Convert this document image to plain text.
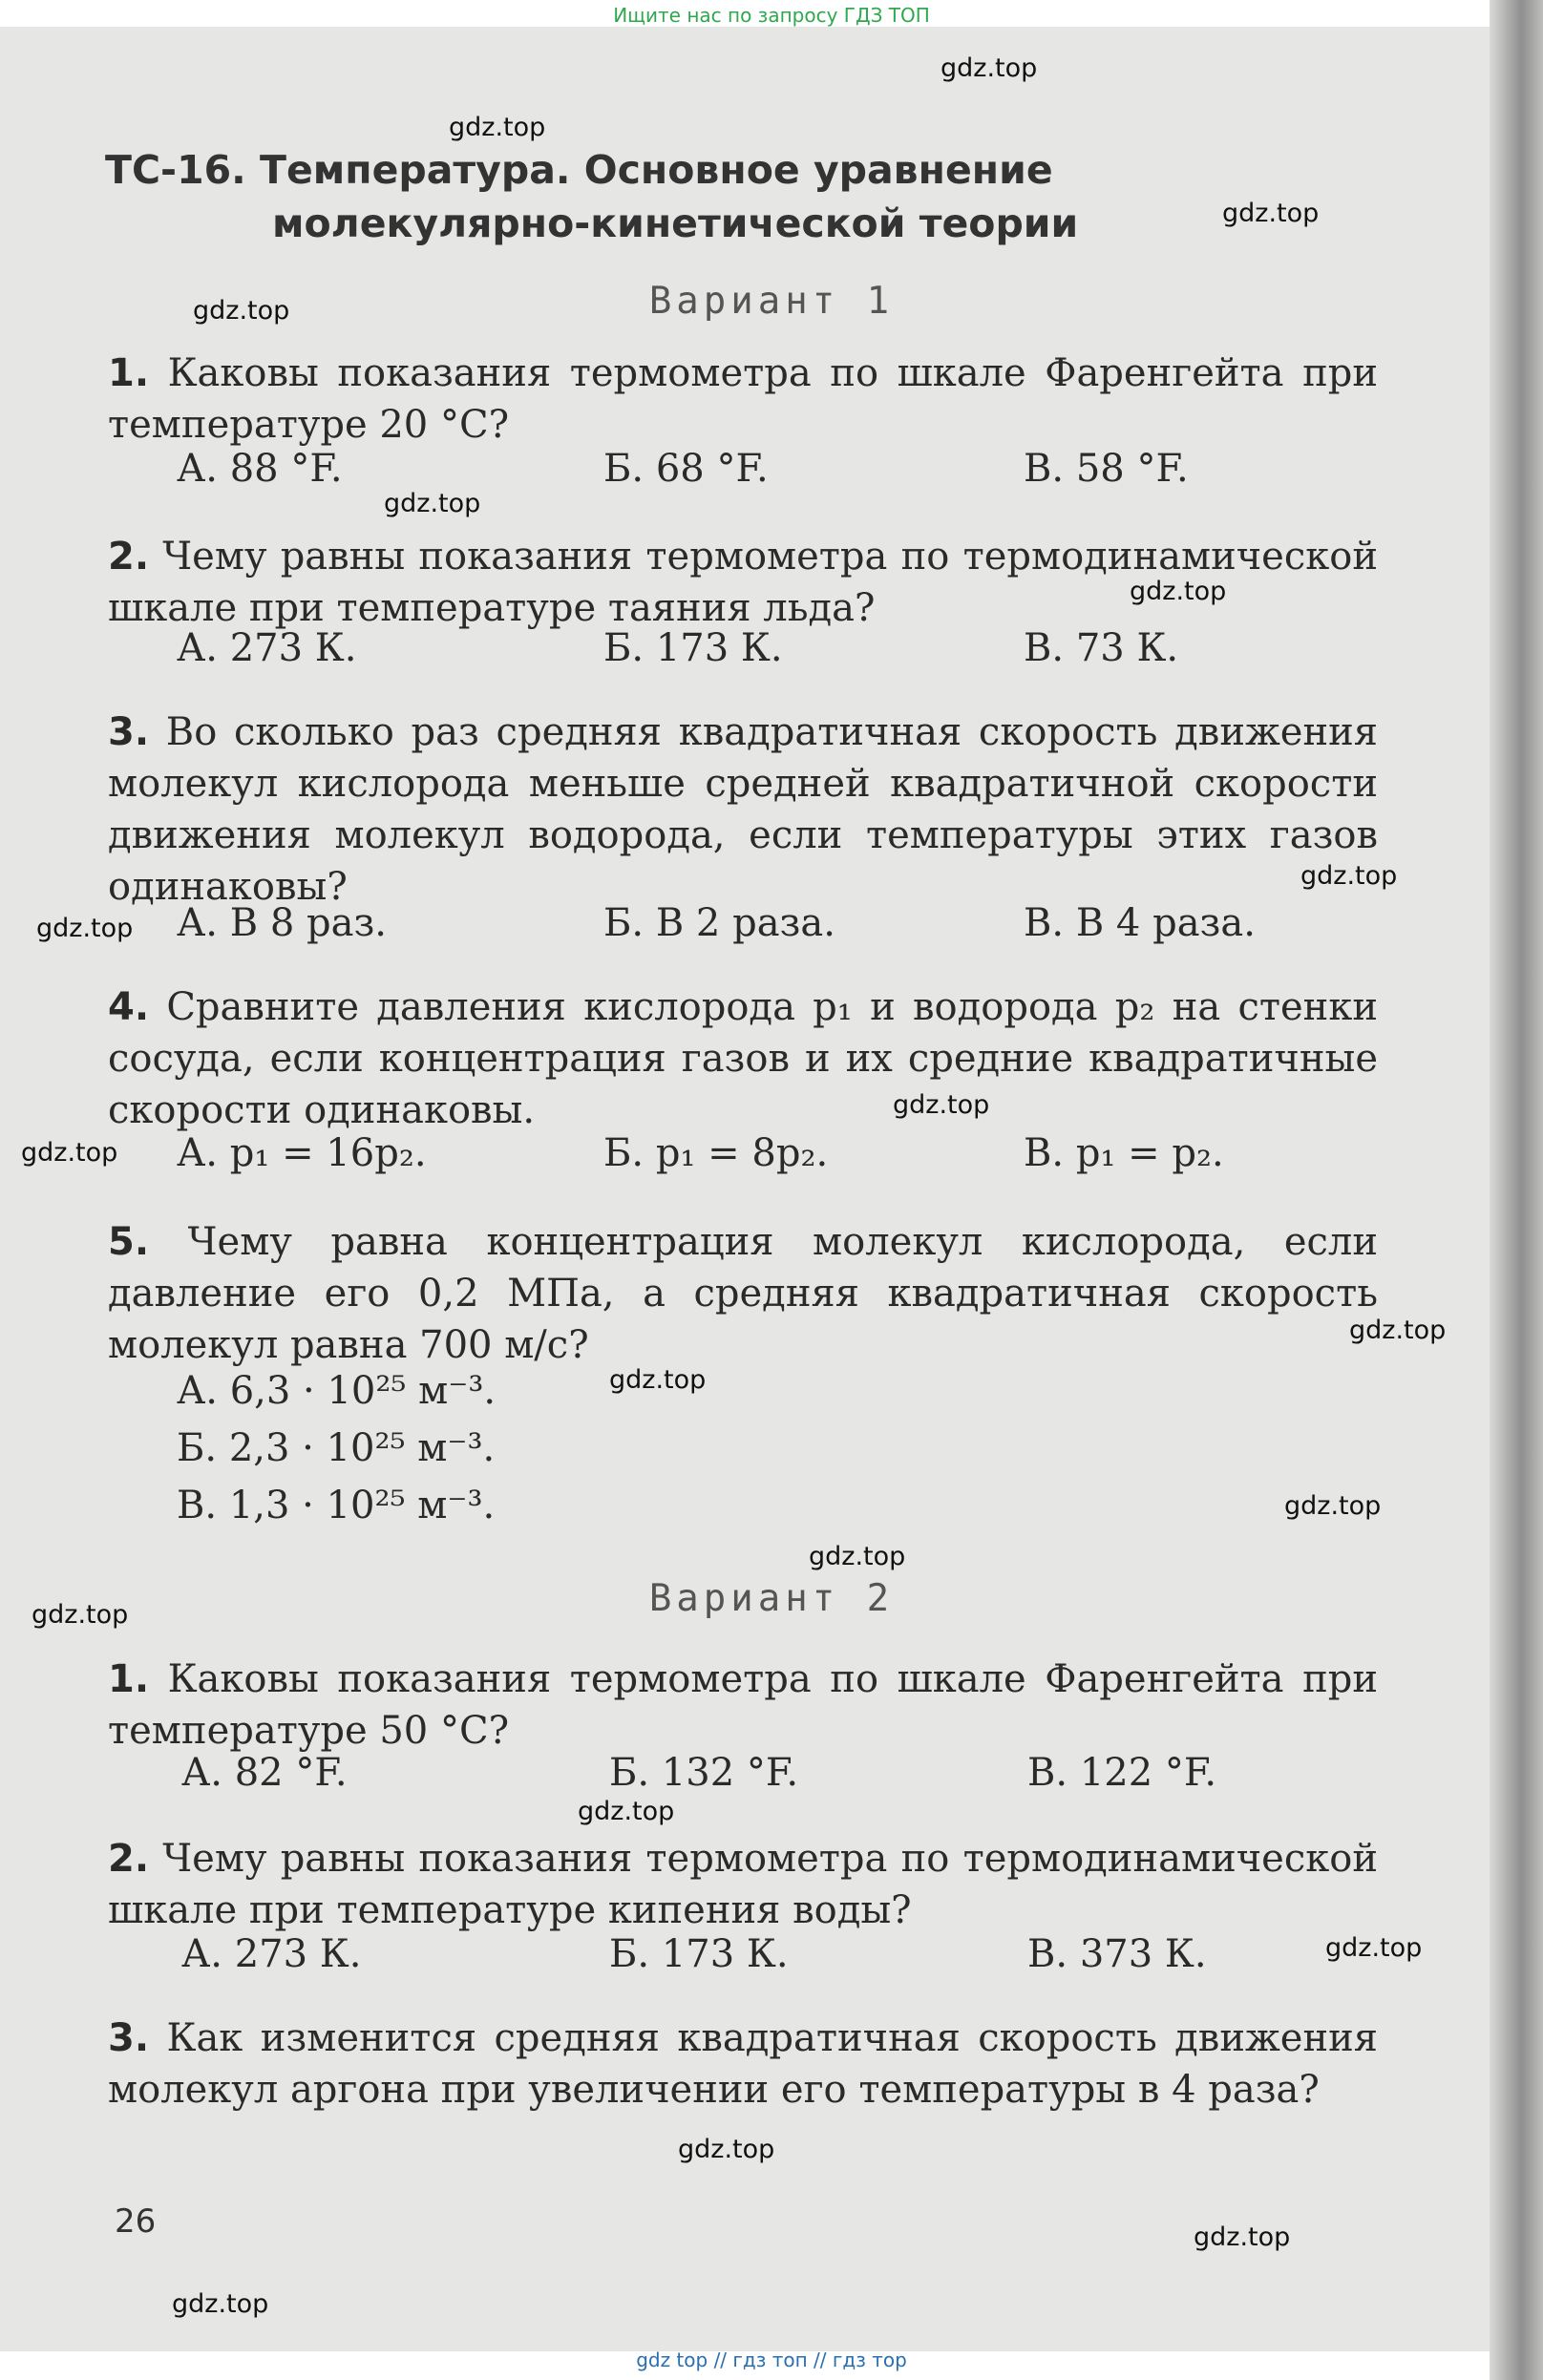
Ищите нас по запросу ГДЗ ТОП
gdz.top
gdz.top
gdz.top
gdz.top
gdz.top
gdz.top
gdz.top
gdz.top
gdz.top
gdz.top
gdz.top
gdz.top
gdz.top
gdz.top
gdz.top
gdz.top
gdz.top
gdz.top
gdz.top
gdz.top
ТС-16. Температура. Основное уравнение
молекулярно-кинетической теории
Вариант 1
1. Каковы показания термометра по шкале Фаренгейта при температуре 20 °С?
А. 88 °F.	Б. 68 °F.	В. 58 °F.
2. Чему равны показания термометра по термодинамической шкале при температуре таяния льда?
А. 273 К.	Б. 173 К.	В. 73 К.
3. Во сколько раз средняя квадратичная скорость движения молекул кислорода меньше средней квадратичной скорости движения молекул водорода, если температуры этих газов одинаковы?
А. В 8 раз.	Б. В 2 раза.	В. В 4 раза.
4. Сравните давления кислорода p₁ и водорода p₂ на стенки сосуда, если концентрация газов и их средние квадратичные скорости одинаковы.
А. p₁ = 16p₂.	Б. p₁ = 8p₂.	В. p₁ = p₂.
5. Чему равна концентрация молекул кислорода, если давление его 0,2 МПа, а средняя квадратичная скорость молекул равна 700 м/с?
А. 6,3 · 10²⁵ м⁻³.
Б. 2,3 · 10²⁵ м⁻³.
В. 1,3 · 10²⁵ м⁻³.
Вариант 2
1. Каковы показания термометра по шкале Фаренгейта при температуре 50 °С?
А. 82 °F.	Б. 132 °F.	В. 122 °F.
2. Чему равны показания термометра по термодинамической шкале при температуре кипения воды?
А. 273 К.	Б. 173 К.	В. 373 К.
3. Как изменится средняя квадратичная скорость движения молекул аргона при увеличении его температуры в 4 раза?
26
gdz top // гдз топ // гдз тор
